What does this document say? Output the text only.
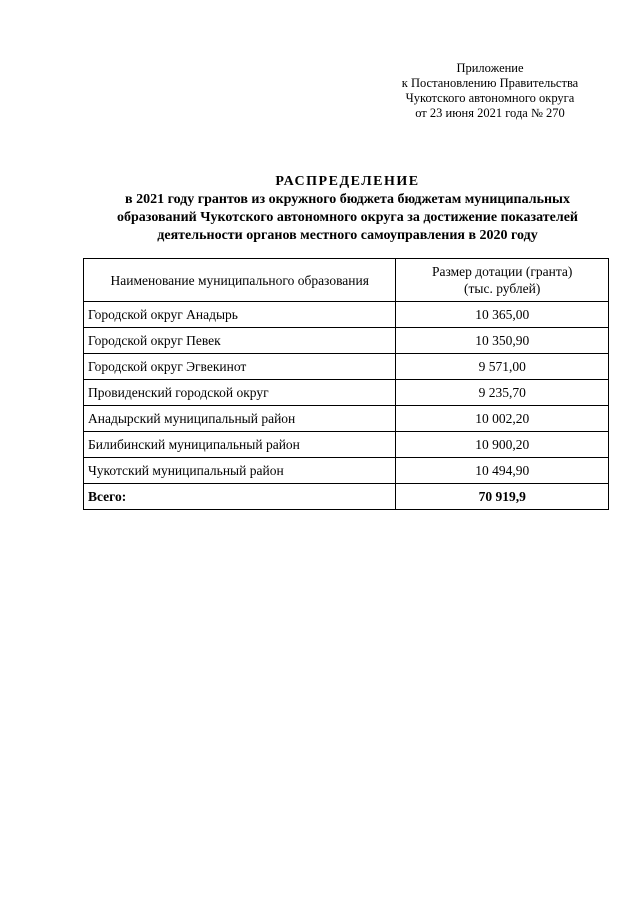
Приложение
к Постановлению Правительства
Чукотского автономного округа
от 23 июня 2021 года № 270
РАСПРЕДЕЛЕНИЕ
в 2021 году грантов из окружного бюджета бюджетам муниципальных
образований Чукотского автономного округа за достижение показателей
деятельности органов местного самоуправления в 2020 году
Наименование муниципального образования	Размер дотации (гранта)
(тыс. рублей)

Городской округ Анадырь	10 365,00
Городской округ Певек	10 350,90
Городской округ Эгвекинот	9 571,00
Провиденский городской округ	9 235,70
Анадырский муниципальный район	10 002,20
Билибинский муниципальный район	10 900,20
Чукотский муниципальный район	10 494,90
Всего:	70 919,9
